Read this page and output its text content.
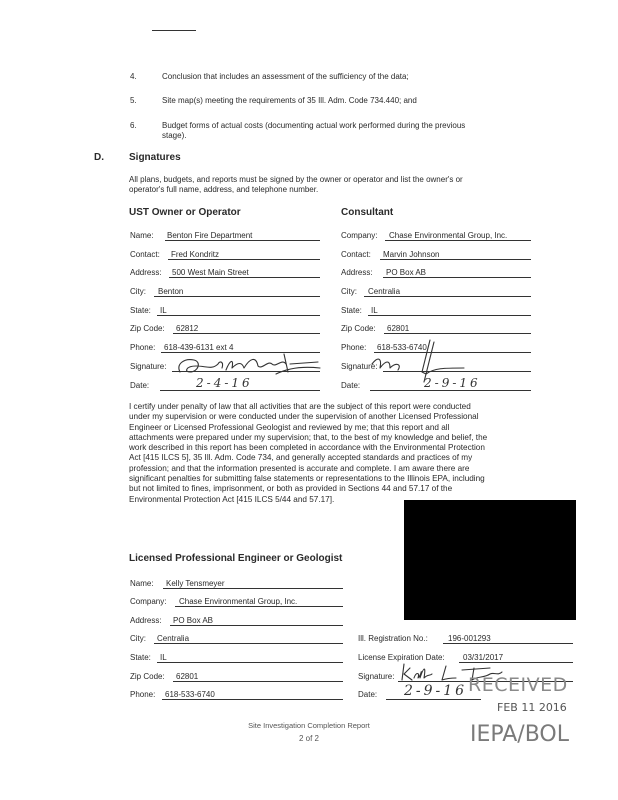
4.	Conclusion that includes an assessment of the sufficiency of the data;
5.	Site map(s) meeting the requirements of 35 Ill. Adm. Code 734.440; and
6.	Budget forms of actual costs (documenting actual work performed during the previous
stage).
D.	Signatures
All plans, budgets, and reports must be signed by the owner or operator and list the owner's or
operator's full name, address, and telephone number.
UST Owner or Operator
Name: Benton Fire Department
Contact: Fred Kondritz
Address: 500 West Main Street
City: Benton
State: IL
Zip Code: 62812
Phone: 618-439-6131 ext 4
Signature:
Date:	2-4-16
Consultant
Company: Chase Environmental Group, Inc.
Contact: Marvin Johnson
Address: PO Box AB
City: Centralia
State: IL
Zip Code: 62801
Phone: 618-533-6740
Signature:
Date:	2-9-16
I certify under penalty of law that all activities that are the subject of this report were conducted
under my supervision or were conducted under the supervision of another Licensed Professional
Engineer or Licensed Professional Geologist and reviewed by me; that this report and all
attachments were prepared under my supervision; that, to the best of my knowledge and belief, the
work described in this report has been completed in accordance with the Environmental Protection
Act [415 ILCS 5], 35 Ill. Adm. Code 734, and generally accepted standards and practices of my
profession; and that the information presented is accurate and complete. I am aware there are
significant penalties for submitting false statements or representations to the Illinois EPA, including
but not limited to fines, imprisonment, or both as provided in Sections 44 and 57.17 of the
Environmental Protection Act [415 ILCS 5/44 and 57.17].
Licensed Professional Engineer or Geologist
Name: Kelly Tensmeyer
Company: Chase Environmental Group, Inc.
Address: PO Box AB
City: Centralia
State: IL
Zip Code: 62801
Phone: 618-533-6740
Ill. Registration No.:	196-001293
License Expiration Date: 03/31/2017
Signature:
Date: 2-9-16 RECEIVED
FEB 11 2016
IEPA/BOL
Site Investigation Completion Report
2 of 2
